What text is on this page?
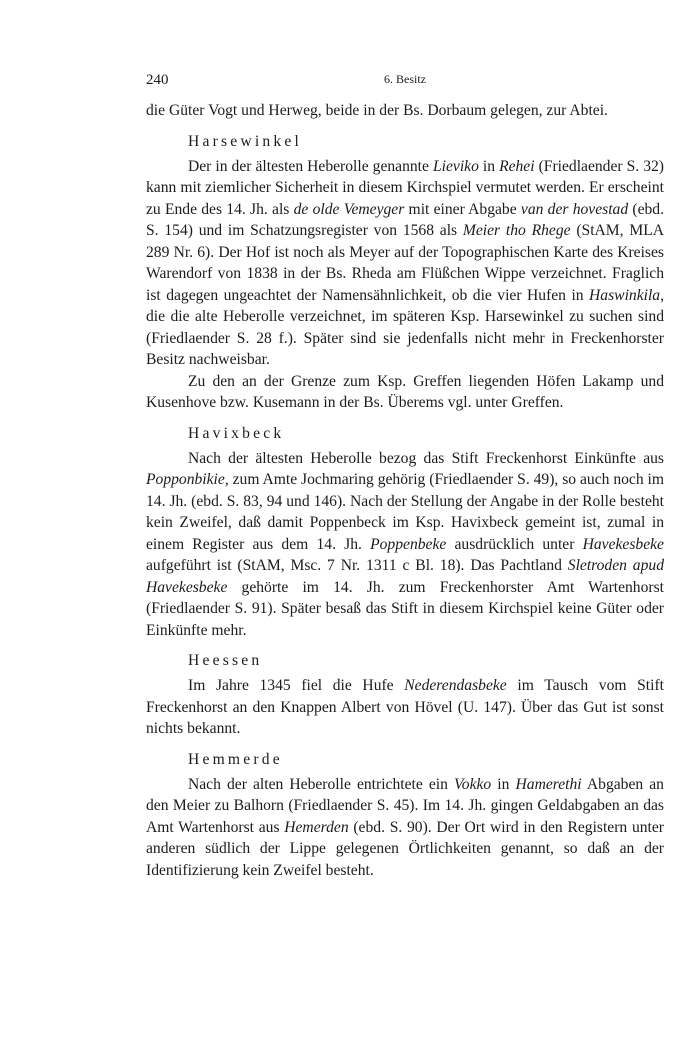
240	6. Besitz

die Güter Vogt und Herweg, beide in der Bs. Dorbaum gelegen, zur Abtei.

Harsewinkel

Der in der ältesten Heberolle genannte Lieviko in Rehei (Friedlaender S. 32) kann mit ziemlicher Sicherheit in diesem Kirchspiel vermutet werden. Er erscheint zu Ende des 14. Jh. als de olde Vemeyger mit einer Abgabe van der hovestad (ebd. S. 154) und im Schatzungsregister von 1568 als Meier tho Rhege (StAM, MLA 289 Nr. 6). Der Hof ist noch als Meyer auf der Topographischen Karte des Kreises Warendorf von 1838 in der Bs. Rheda am Flüßchen Wippe verzeichnet. Fraglich ist dagegen ungeachtet der Namensähnlichkeit, ob die vier Hufen in Haswinkila, die die alte Heberolle verzeichnet, im späteren Ksp. Harsewinkel zu suchen sind (Friedlaender S. 28 f.). Später sind sie jedenfalls nicht mehr in Freckenhorster Besitz nachweisbar.

Zu den an der Grenze zum Ksp. Greffen liegenden Höfen Lakamp und Kusenhove bzw. Kusemann in der Bs. Überems vgl. unter Greffen.

Havixbeck

Nach der ältesten Heberolle bezog das Stift Freckenhorst Einkünfte aus Popponbikie, zum Amte Jochmaring gehörig (Friedlaender S. 49), so auch noch im 14. Jh. (ebd. S. 83, 94 und 146). Nach der Stellung der Angabe in der Rolle besteht kein Zweifel, daß damit Poppenbeck im Ksp. Havixbeck gemeint ist, zumal in einem Register aus dem 14. Jh. Poppenbeke ausdrücklich unter Havekesbeke aufgeführt ist (StAM, Msc. 7 Nr. 1311 c Bl. 18). Das Pachtland Sletroden apud Havekesbeke gehörte im 14. Jh. zum Freckenhorster Amt Wartenhorst (Friedlaender S. 91). Später besaß das Stift in diesem Kirchspiel keine Güter oder Einkünfte mehr.

Heessen

Im Jahre 1345 fiel die Hufe Nederendasbeke im Tausch vom Stift Freckenhorst an den Knappen Albert von Hövel (U. 147). Über das Gut ist sonst nichts bekannt.

Hemmerde

Nach der alten Heberolle entrichtete ein Vokko in Hamerethi Abgaben an den Meier zu Balhorn (Friedlaender S. 45). Im 14. Jh. gingen Geldabgaben an das Amt Wartenhorst aus Hemerden (ebd. S. 90). Der Ort wird in den Registern unter anderen südlich der Lippe gelegenen Örtlichkeiten genannt, so daß an der Identifizierung kein Zweifel besteht.
